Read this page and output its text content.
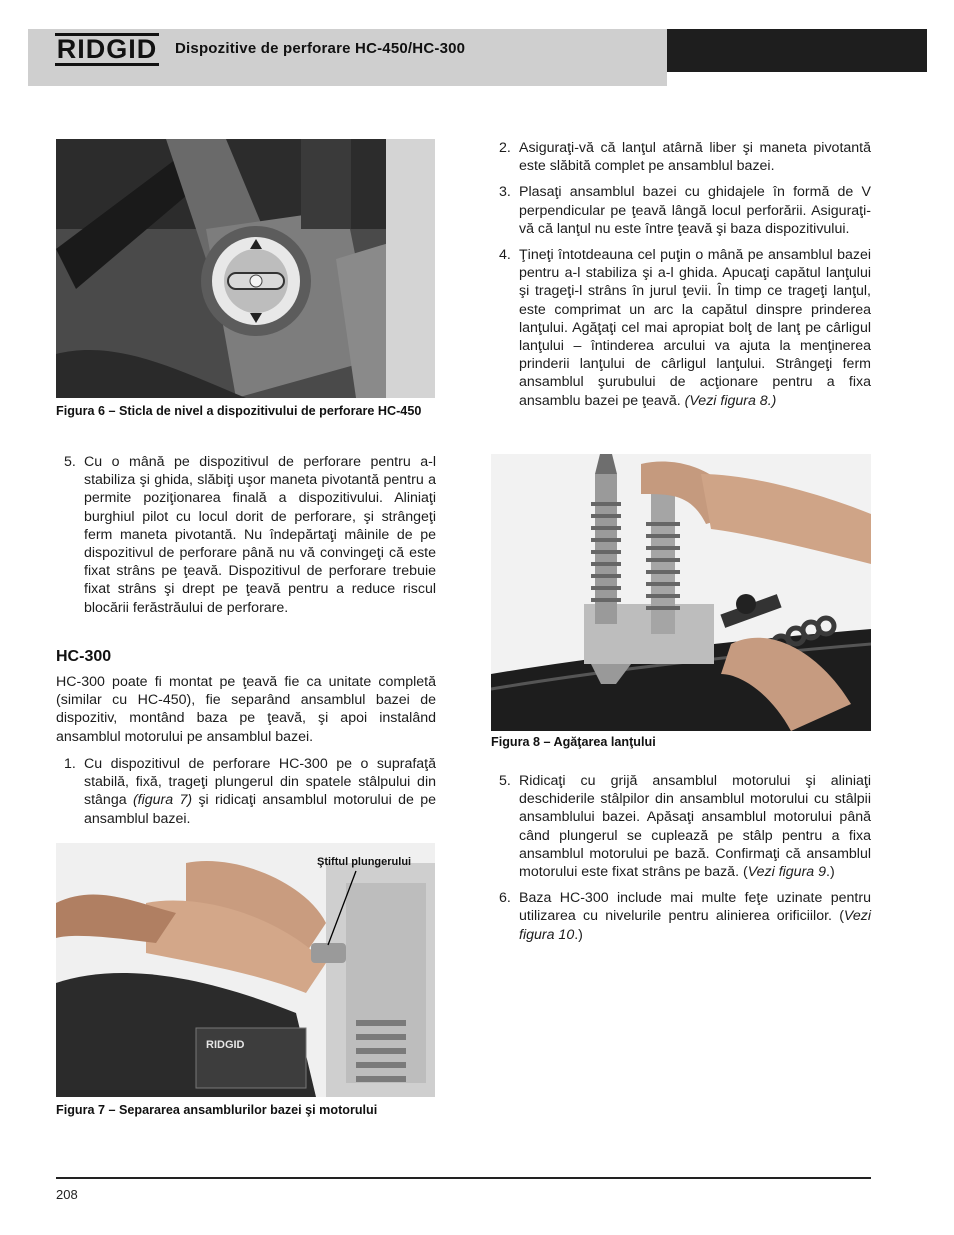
RIDGID Dispozitive de perforare HC-450/HC-300
Figura 6 – Sticla de nivel a dispozitivului de perforare HC-450
5. Cu o mână pe dispozitivul de perforare pentru a-l stabiliza şi ghida, slăbiţi uşor maneta pivotantă pentru a permite poziţionarea finală a dispozitivului. Aliniaţi burghiul pilot cu locul dorit de perforare, şi strângeţi ferm maneta pivotantă. Nu îndepărtaţi mâinile de pe dispozitivul de perforare până nu vă convingeţi că este fixat strâns pe ţeavă. Dispozitivul de perforare trebuie fixat strâns şi drept pe ţeavă pentru a reduce riscul blocării ferăstrăului de perforare.
HC-300
HC-300 poate fi montat pe ţeavă fie ca unitate completă (similar cu HC-450), fie separând ansamblul bazei de dispozitiv, montând baza pe ţeavă, şi apoi instalând ansamblul motorului pe ansamblul bazei.
1. Cu dispozitivul de perforare HC-300 pe o suprafaţă stabilă, fixă, trageţi plungerul din spatele stâlpului din stânga (figura 7) şi ridicaţi ansamblul motorului de pe ansamblul bazei.
RIDGID
Ştiftul plungerului
Figura 7 – Separarea ansamblurilor bazei şi motorului
2. Asiguraţi-vă că lanţul atârnă liber şi maneta pivotantă este slăbită complet pe ansamblul bazei.
3. Plasaţi ansamblul bazei cu ghidajele în formă de V perpendicular pe ţeavă lângă locul perforării. Asiguraţi-vă că lanţul nu este între ţeavă şi baza dispozitivului.
4. Ţineţi întotdeauna cel puţin o mână pe ansamblul bazei pentru a-l stabiliza şi a-l ghida. Apucaţi capătul lanţului şi trageţi-l strâns în jurul ţevii. În timp ce trageţi lanţul, este comprimat un arc la capătul dinspre prinderea lanţului. Agăţaţi cel mai apropiat bolţ de lanţ pe cârligul lanţului – întinderea arcului va ajuta la menţinerea prinderii lanţului de cârligul lanţului. Strângeţi ferm ansamblul şurubului de acţionare pentru a fixa ansamblu bazei pe ţeavă. (Vezi figura 8.)
Figura 8 – Agăţarea lanţului
5. Ridicaţi cu grijă ansamblul motorului şi aliniaţi deschiderile stâlpilor din ansamblul motorului cu stâlpii ansamblului bazei. Apăsaţi ansamblul motorului până când plungerul se cuplează pe stâlp pentru a fixa ansamblul motorului pe bază. Confirmaţi că ansamblul motorului este fixat strâns pe bază. (Vezi figura 9.)
6. Baza HC-300 include mai multe feţe uzinate pentru utilizarea cu nivelurile pentru alinierea orificiilor. (Vezi figura 10.)
208
